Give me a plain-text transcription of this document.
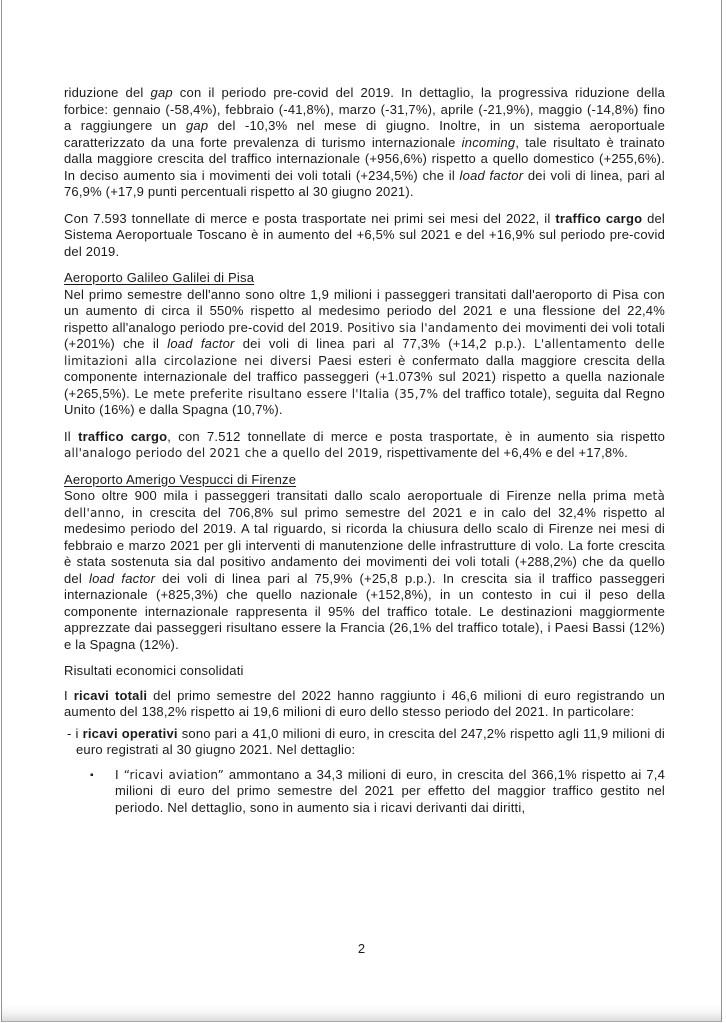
riduzione del gap con il periodo pre-covid del 2019. In dettaglio, la progressiva riduzione della forbice: gennaio (-58,4%), febbraio (-41,8%), marzo (-31,7%), aprile (-21,9%), maggio (-14,8%) fino a raggiungere un gap del -10,3% nel mese di giugno. Inoltre, in un sistema aeroportuale caratterizzato da una forte prevalenza di turismo internazionale incoming, tale risultato è trainato dalla maggiore crescita del traffico internazionale (+956,6%) rispetto a quello domestico (+255,6%). In deciso aumento sia i movimenti dei voli totali (+234,5%) che il load factor dei voli di linea, pari al 76,9% (+17,9 punti percentuali rispetto al 30 giugno 2021).

Con 7.593 tonnellate di merce e posta trasportate nei primi sei mesi del 2022, il traffico cargo del Sistema Aeroportuale Toscano è in aumento del +6,5% sul 2021 e del +16,9% sul periodo pre-covid del 2019.

Aeroporto Galileo Galilei di Pisa

Nel primo semestre dell'anno sono oltre 1,9 milioni i passeggeri transitati dall'aeroporto di Pisa con un aumento di circa il 550% rispetto al medesimo periodo del 2021 e una flessione del 22,4% rispetto all'analogo periodo pre-covid del 2019. Positivo sia l'andamento dei movimenti dei voli totali (+201%) che il load factor dei voli di linea pari al 77,3% (+14,2 p.p.). L'allentamento delle limitazioni alla circolazione nei diversi Paesi esteri è confermato dalla maggiore crescita della componente internazionale del traffico passeggeri (+1.073% sul 2021) rispetto a quella nazionale (+265,5%). Le mete preferite risultano essere l'Italia (35,7% del traffico totale), seguita dal Regno Unito (16%) e dalla Spagna (10,7%).

Il traffico cargo, con 7.512 tonnellate di merce e posta trasportate, è in aumento sia rispetto all'analogo periodo del 2021 che a quello del 2019, rispettivamente del +6,4% e del +17,8%.

Aeroporto Amerigo Vespucci di Firenze

Sono oltre 900 mila i passeggeri transitati dallo scalo aeroportuale di Firenze nella prima metà dell'anno, in crescita del 706,8% sul primo semestre del 2021 e in calo del 32,4% rispetto al medesimo periodo del 2019. A tal riguardo, si ricorda la chiusura dello scalo di Firenze nei mesi di febbraio e marzo 2021 per gli interventi di manutenzione delle infrastrutture di volo. La forte crescita è stata sostenuta sia dal positivo andamento dei movimenti dei voli totali (+288,2%) che da quello del load factor dei voli di linea pari al 75,9% (+25,8 p.p.). In crescita sia il traffico passeggeri internazionale (+825,3%) che quello nazionale (+152,8%), in un contesto in cui il peso della componente internazionale rappresenta il 95% del traffico totale. Le destinazioni maggiormente apprezzate dai passeggeri risultano essere la Francia (26,1% del traffico totale), i Paesi Bassi (12%) e la Spagna (12%).

Risultati economici consolidati

I ricavi totali del primo semestre del 2022 hanno raggiunto i 46,6 milioni di euro registrando un aumento del 138,2% rispetto ai 19,6 milioni di euro dello stesso periodo del 2021. In particolare:

- i ricavi operativi sono pari a 41,0 milioni di euro, in crescita del 247,2% rispetto agli 11,9 milioni di euro registrati al 30 giugno 2021. Nel dettaglio:
▪ I “ricavi aviation” ammontano a 34,3 milioni di euro, in crescita del 366,1% rispetto ai 7,4 milioni di euro del primo semestre del 2021 per effetto del maggior traffico gestito nel periodo. Nel dettaglio, sono in aumento sia i ricavi derivanti dai diritti,
2
